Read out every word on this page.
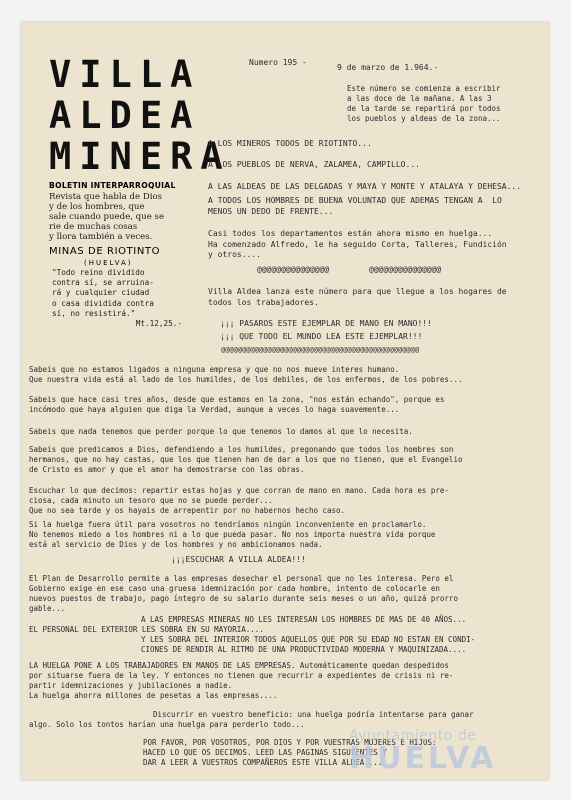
VILLA
ALDEA
MINERA
BOLETIN INTERPARROQUIAL
Revista que habla de Dios
y de los hombres, que
sale cuando puede, que se
rie de muchas cosas
y llora también a veces.
MINAS DE RIOTINTO
(HUELVA)
"Todo reino dividido
contra sí, se arruina-
rá y cualquier ciudad
o casa dividida contra
sí, no resistirá."
Mt.12,25.-
Numero 195 -
9 de marzo de 1.964.-
Este número se comienza a escribir
a las doce de la mañana. A las 3
de la tarde se repartirá por todos
los pueblos y aldeas de la zona...
A LOS MINEROS TODOS DE RIOTINTO...
A LOS PUEBLOS DE NERVA, ZALAMEA, CAMPILLO...
A LAS ALDEAS DE LAS DELGADAS Y MAYA Y MONTE Y ATALAYA Y DEHESA...
A TODOS LOS HOMBRES DE BUENA VOLUNTAD QUE ADEMAS TENGAN A  LO
MENOS UN DEDO DE FRENTE...
Casi todos los departamentos están ahora mismo en huelga...
Ha comenzado Alfredo, le ha seguido Corta, Talleres, Fundición
y otros....
@@@@@@@@@@@@@@@	@@@@@@@@@@@@@@@
Villa Aldea lanza este número para que llegue a los hogares de
todos los trabajadores.
¡¡¡ PASAROS ESTE EJEMPLAR DE MANO EN MANO!!!
¡¡¡ QUE TODO EL MUNDO LEA ESTE EJEMPLAR!!!
@@@@@@@@@@@@@@@@@@@@@@@@@@@@@@@@@@@@@@@@@@@@@@@
Sabeis que no estamos ligados a ninguna empresa y que no nos mueve interes humano.
Que nuestra vida está al lado de los humildes, de los debiles, de los enfermos, de los pobres...
Sabeis que hace casi tres años, desde que estamos en la zona, "nos están echando", porque es
incómodo que haya alguien que diga la Verdad, aunque a veces lo haga suavemente...
Sabeis que nada tenemos que perder porque lo que tenemos lo damos al que lo necesita.
Sabeis que predicamos a Dios, defendiendo a los humildes, pregonando que todos los hombres son
hermanos, que no hay castas, que los que tienen han de dar a los que no tienen, que el Evangelio
de Cristo es amor y que el amor ha demostrarse con las obras.
Escuchar lo que decimos: repartir estas hojas y que corran de mano en mano. Cada hora es pre-
ciosa, cada minuto un tesoro que no se puede perder...
Que no sea tarde y os hayais de arrepentir por no habernos hecho caso.
Si la huelga fuera útil para vosotros no tendríamos ningún inconveniente en proclamarlo.
No tenemos miedo a los hombres ni a lo que pueda pasar. No nos importa nuestra vida porque
está al servicio de Dios y de los hombres y no ambicionamos nada.
¡¡¡ESCUCHAR A VILLA ALDEA!!!
El Plan de Desarrollo permite a las empresas desechar el personal que no les interesa. Pero el
Gobierno exige en ese caso una gruesa idemnización por cada hombre, intento de colocarle en
nuevos puestos de trabajo, pago íntegro de su salario durante seis meses o un año, quizá prorro
gable...
A LAS EMPRESAS MINERAS NO LES INTERESAN LOS HOMBRES DE MAS DE 40 AÑOS...
EL PERSONAL DEL EXTERIOR LES SOBRA EN SU MAYORIA....
Y LES SOBRA DEL INTERIOR TODOS AQUELLOS QUE POR SU EDAD NO ESTAN EN CONDI-
CIONES DE RENDIR AL RITMO DE UNA PRODUCTIVIDAD MODERNA Y MAQUINIZADA....
LA HUELGA PONE A LOS TRABAJADORES EN MANOS DE LAS EMPRESAS. Automáticamente quedan despedidos
por situarse fuera de la ley. Y entonces no tienen que recurrir a expedientes de crisis ni re-
partir idemnizaciones y jubilaciones a nadie.
La huelga ahorra millones de pesetas a las empresas....
Discurrir en vuestro beneficio: una huelga podría intentarse para ganar
algo. Solo los tontos harían una huelga para perderlo todo...
POR FAVOR, POR VOSOTROS, POR DIOS Y POR VUESTRAS MUJERES E HIJOS:
HACED LO QUE OS DECIMOS. LEED LAS PAGINAS SIGUIENTES Y
DAR A LEER A VUESTROS COMPAÑEROS ESTE VILLA ALDEA....
Ayuntamiento de
HUELVA
